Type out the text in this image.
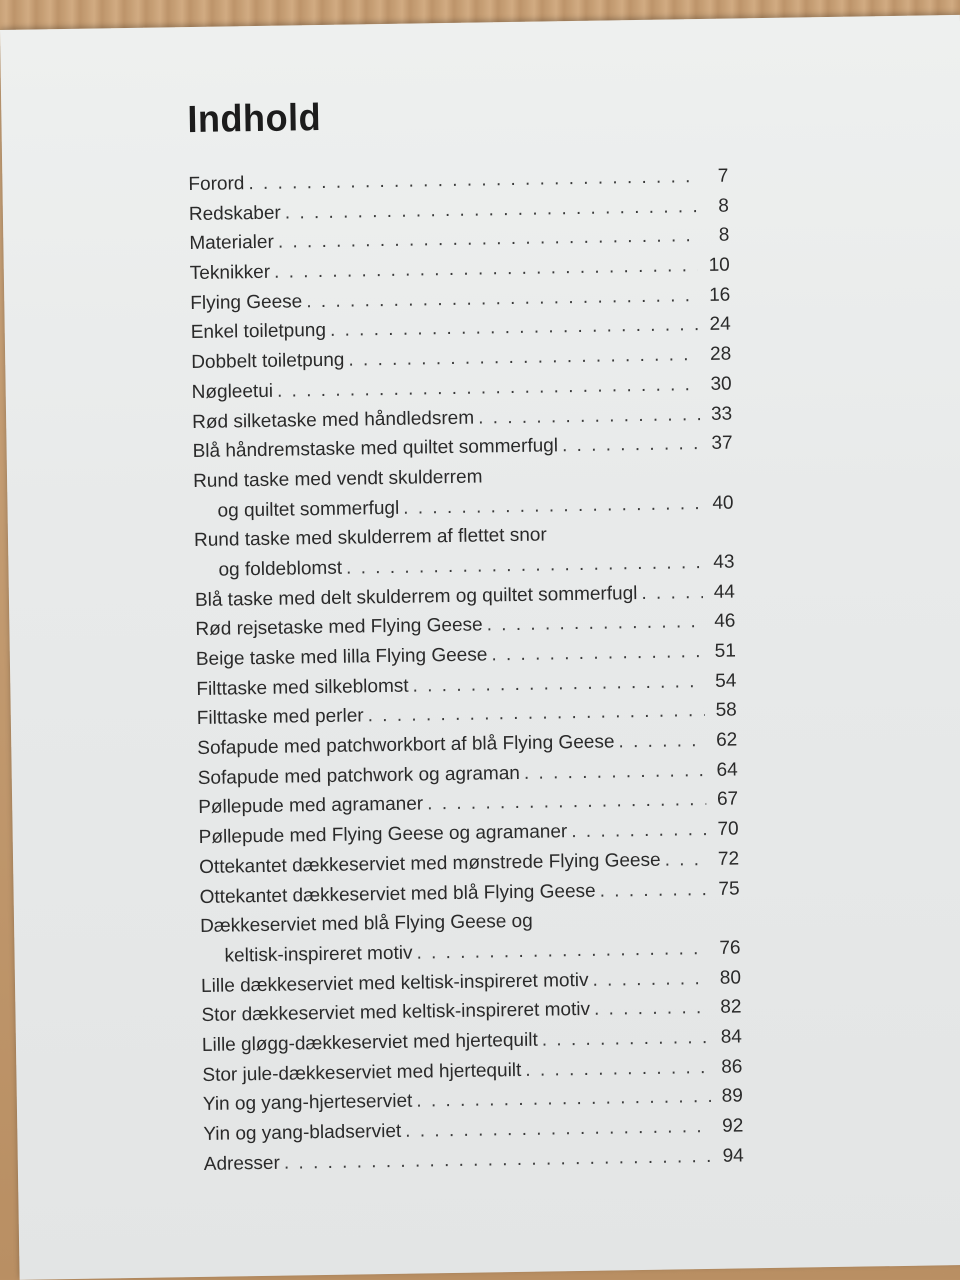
Indhold
Forord . . .	7
Redskaber . . .	8
Materialer . . .	8
Teknikker . . .	10
Flying Geese . . .	16
Enkel toiletpung . . .	24
Dobbelt toiletpung . . .	28
Nøgleetui . . .	30
Rød silketaske med håndledsrem . . .	33
Blå håndremstaske med quiltet sommerfugl . . .	37
Rund taske med vendt skulderrem
og quiltet sommerfugl . . .	40
Rund taske med skulderrem af flettet snor
og foldeblomst . . .	43
Blå taske med delt skulderrem og quiltet sommerfugl . . .	44
Rød rejsetaske med Flying Geese . . .	46
Beige taske med lilla Flying Geese . . .	51
Filttaske med silkeblomst . . .	54
Filttaske med perler . . .	58
Sofapude med patchworkbort af blå Flying Geese . . .	62
Sofapude med patchwork og agraman . . .	64
Pøllepude med agramaner . . .	67
Pøllepude med Flying Geese og agramaner . . .	70
Ottekantet dækkeserviet med mønstrede Flying Geese . . .	72
Ottekantet dækkeserviet med blå Flying Geese . . .	75
Dækkeserviet med blå Flying Geese og
keltisk-inspireret motiv . . .	76
Lille dækkeserviet med keltisk-inspireret motiv . . .	80
Stor dækkeserviet med keltisk-inspireret motiv . . .	82
Lille gløgg-dækkeserviet med hjertequilt . . .	84
Stor jule-dækkeserviet med hjertequilt . . .	86
Yin og yang-hjerteserviet . . .	89
Yin og yang-bladserviet . . .	92
Adresser . . .	94
